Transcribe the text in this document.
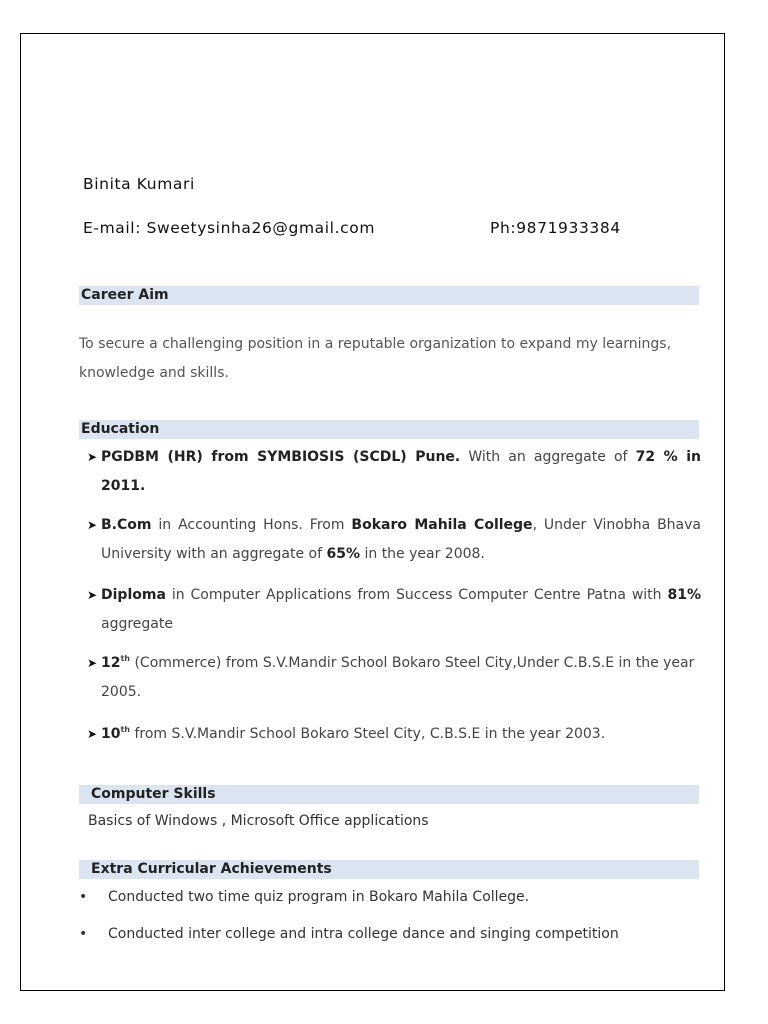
Binita Kumari
E-mail: Sweetysinha26@gmail.com	Ph:9871933384
Career Aim
To secure a challenging position in a reputable organization to expand my learnings, knowledge and skills.
Education
➤ PGDBM (HR) from SYMBIOSIS (SCDL) Pune. With an aggregate of 72 % in 2011.
➤ B.Com in Accounting Hons. From Bokaro Mahila College, Under Vinobha Bhava University with an aggregate of 65% in the year 2008.
➤ Diploma in Computer Applications from Success Computer Centre Patna with 81% aggregate
➤ 12th (Commerce) from S.V.Mandir School Bokaro Steel City,Under C.B.S.E in the year 2005.
➤ 10th from S.V.Mandir School Bokaro Steel City, C.B.S.E in the year 2003.
Computer Skills
Basics of Windows , Microsoft Office applications
Extra Curricular Achievements
• Conducted two time quiz program in Bokaro Mahila College.
• Conducted inter college and intra college dance and singing competition
